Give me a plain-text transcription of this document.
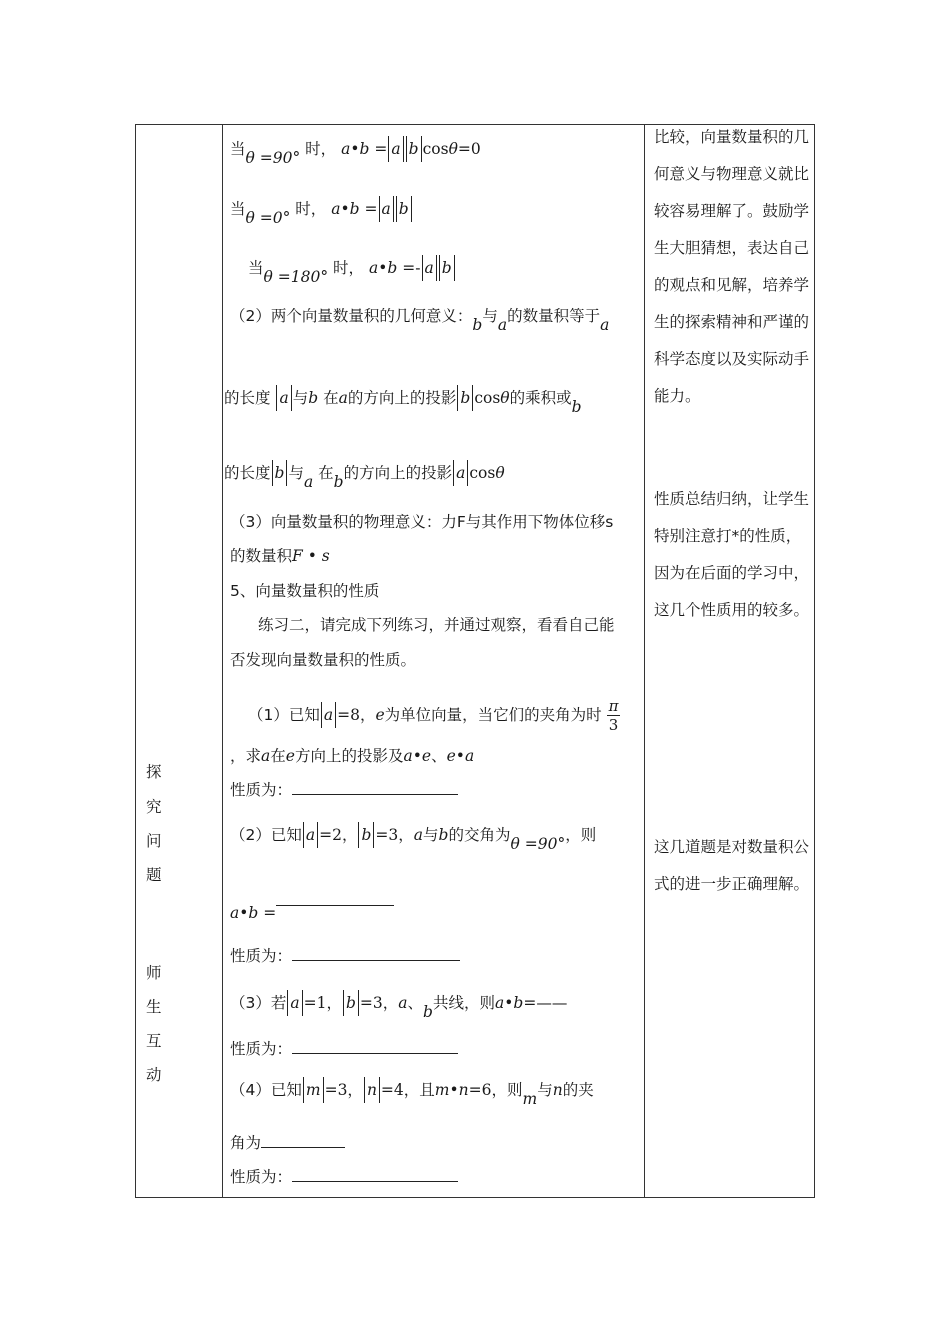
探
究
问
题
师
生
互
动
当θ =90° 时， a•b = a b cosθ=0
当θ =0° 时， a•b = a b
当θ =180° 时， a•b =- a b
（2）两个向量数量积的几何意义：b与a的数量积等于a
的长度 a 与b 在a的方向上的投影 b cosθ的乘积或b
的长度 b 与a 在b的方向上的投影 a cosθ
（3）向量数量积的物理意义：力F与其作用下物体位移s
的数量积F • s
5、向量数量积的性质
练习二，请完成下列练习，并通过观察，看看自己能
否发现向量数量积的性质。
（1）已知 a =8，e为单位向量，当它们的夹角为时 $\frac{\pi}{3}$
，求a在e方向上的投影及a•e、e•a
性质为：
（2）已知 a =2， b =3，a与b的交角为θ =90°，则
a•b =
性质为：
（3）若 a =1， b =3，a、b共线，则a•b=——
性质为：
（4）已知 m =3， n =4，且m•n=6，则m与n的夹
角为
性质为：
比较，向量数量积的几何意义与物理意义就比较容易理解了。鼓励学生大胆猜想，表达自己的观点和见解，培养学生的探索精神和严谨的科学态度以及实际动手能力。
性质总结归纳，让学生特别注意打*的性质，因为在后面的学习中，这几个性质用的较多。
这几道题是对数量积公式的进一步正确理解。
